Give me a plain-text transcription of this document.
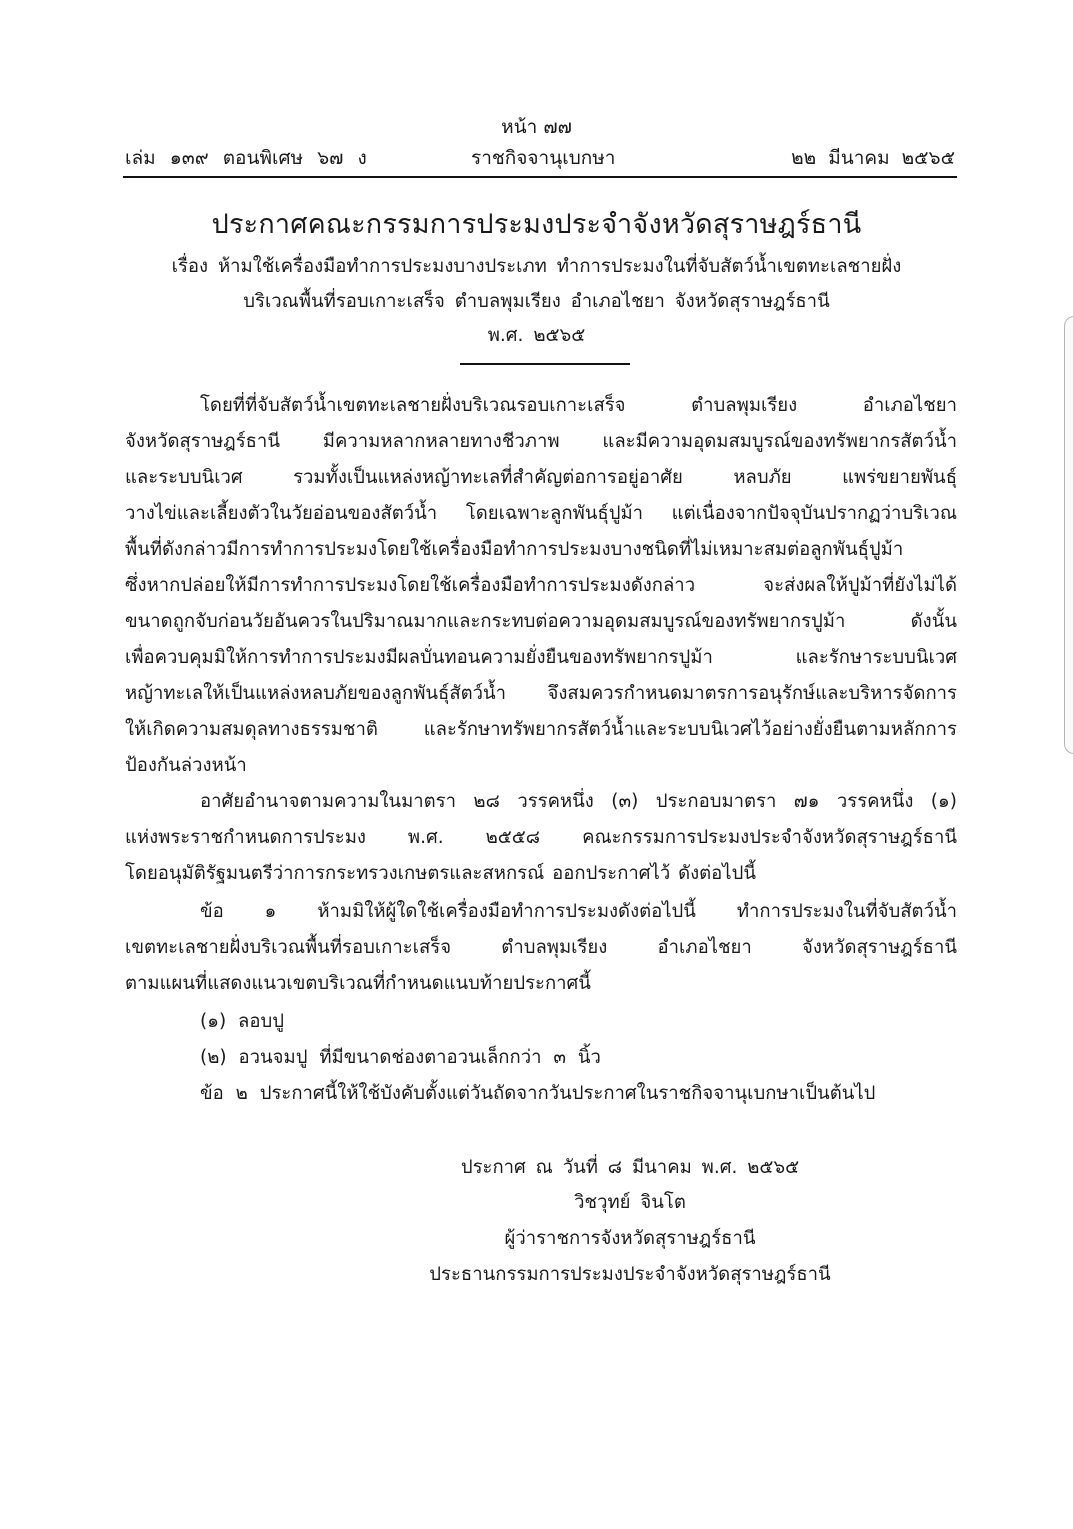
หน้า ๗๗
เล่ม ๑๓๙ ตอนพิเศษ ๖๗ ง	ราชกิจจานุเบกษา	๒๒ มีนาคม ๒๕๖๕
ประกาศคณะกรรมการประมงประจำจังหวัดสุราษฎร์ธานี
เรื่อง ห้ามใช้เครื่องมือทำการประมงบางประเภท ทำการประมงในที่จับสัตว์น้ำเขตทะเลชายฝั่ง
บริเวณพื้นที่รอบเกาะเสร็จ ตำบลพุมเรียง อำเภอไชยา จังหวัดสุราษฎร์ธานี
พ.ศ. ๒๕๖๕
โดยที่ที่จับสัตว์น้ำเขตทะเลชายฝั่งบริเวณรอบเกาะเสร็จ ตำบลพุมเรียง อำเภอไชยา
จังหวัดสุราษฎร์ธานี มีความหลากหลายทางชีวภาพ และมีความอุดมสมบูรณ์ของทรัพยากรสัตว์น้ำ
และระบบนิเวศ รวมทั้งเป็นแหล่งหญ้าทะเลที่สำคัญต่อการอยู่อาศัย หลบภัย แพร่ขยายพันธุ์
วางไข่และเลี้ยงตัวในวัยอ่อนของสัตว์น้ำ โดยเฉพาะลูกพันธุ์ปูม้า แต่เนื่องจากปัจจุบันปรากฏว่าบริเวณ
พื้นที่ดังกล่าวมีการทำการประมงโดยใช้เครื่องมือทำการประมงบางชนิดที่ไม่เหมาะสมต่อลูกพันธุ์ปูม้า
ซึ่งหากปล่อยให้มีการทำการประมงโดยใช้เครื่องมือทำการประมงดังกล่าว จะส่งผลให้ปูม้าที่ยังไม่ได้
ขนาดถูกจับก่อนวัยอันควรในปริมาณมากและกระทบต่อความอุดมสมบูรณ์ของทรัพยากรปูม้า ดังนั้น
เพื่อควบคุมมิให้การทำการประมงมีผลบั่นทอนความยั่งยืนของทรัพยากรปูม้า และรักษาระบบนิเวศ
หญ้าทะเลให้เป็นแหล่งหลบภัยของลูกพันธุ์สัตว์น้ำ จึงสมควรกำหนดมาตรการอนุรักษ์และบริหารจัดการ
ให้เกิดความสมดุลทางธรรมชาติ และรักษาทรัพยากรสัตว์น้ำและระบบนิเวศไว้อย่างยั่งยืนตามหลักการ
ป้องกันล่วงหน้า
อาศัยอำนาจตามความในมาตรา ๒๘ วรรคหนึ่ง (๓) ประกอบมาตรา ๗๑ วรรคหนึ่ง (๑)
แห่งพระราชกำหนดการประมง พ.ศ. ๒๕๕๘ คณะกรรมการประมงประจำจังหวัดสุราษฎร์ธานี
โดยอนุมัติรัฐมนตรีว่าการกระทรวงเกษตรและสหกรณ์ ออกประกาศไว้ ดังต่อไปนี้
ข้อ ๑ ห้ามมิให้ผู้ใดใช้เครื่องมือทำการประมงดังต่อไปนี้ ทำการประมงในที่จับสัตว์น้ำ
เขตทะเลชายฝั่งบริเวณพื้นที่รอบเกาะเสร็จ ตำบลพุมเรียง อำเภอไชยา จังหวัดสุราษฎร์ธานี
ตามแผนที่แสดงแนวเขตบริเวณที่กำหนดแนบท้ายประกาศนี้
(๑) ลอบปู
(๒) อวนจมปู ที่มีขนาดช่องตาอวนเล็กกว่า ๓ นิ้ว
ข้อ ๒ ประกาศนี้ให้ใช้บังคับตั้งแต่วันถัดจากวันประกาศในราชกิจจานุเบกษาเป็นต้นไป
ประกาศ ณ วันที่ ๘ มีนาคม พ.ศ. ๒๕๖๕
วิชวุทย์ จินโต
ผู้ว่าราชการจังหวัดสุราษฎร์ธานี
ประธานกรรมการประมงประจำจังหวัดสุราษฎร์ธานี
